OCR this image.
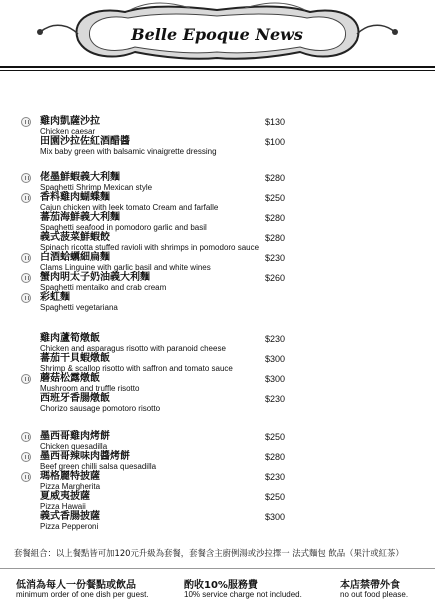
Belle Epoque News
雞肉凱薩沙拉
Chicken caesar
$130
田園沙拉佐紅酒醋醬
Mix baby green with balsamic vinaigrette dressing
$100
佬墨鮮蝦義大利麵
Spaghetti Shrimp Mexican style
$280
香料雞肉蝴蝶麵
Cajun chicken with leek tomato Cream and farfalle
$250
蕃茄海鮮義大利麵
Spaghetti seafood in pomodoro garlic and basil
$280
義式菠菜鮮蝦餃
Spinach ricotta stuffed ravioli with shrimps in pomodoro sauce
$280
白酒蛤蠣細扁麵
Clams Linguine with garlic basil and white wines
$230
蟹肉明太子奶油義大利麵
Spaghetti mentaiko and crab cream
$260
彩虹麵
Spaghetti vegetariana
雞肉蘆筍燉飯
Chicken and asparagus risotto with paranoid cheese
$230
蕃茄干貝蝦燉飯
Shrimp & scallop risotto with saffron and tomato sauce
$300
蘑菇松露燉飯
Mushroom and truffle risotto
$300
西班牙香腸燉飯
Chorizo sausage pomotoro risotto
$230
墨西哥雞肉烤餅
Chicken quesadilla
$250
墨西哥辣味肉醬烤餅
Beef green chilli salsa quesadilla
$280
瑪格麗特披薩
Pizza Margherita
$230
夏威夷披薩
Pizza Hawaii
$250
義式香腸披薩
Pizza Pepperoni
$300
套餐組合：以上餐點皆可加120元升級為套餐，套餐含主廚例湯或沙拉擇一 法式麵包 飲品（果汁或紅茶）
低消為每人一份餐點或飲品
minimum order of one dish per guest.
酌收10%服務費
10% service charge not included.
本店禁帶外食
no out food please.
